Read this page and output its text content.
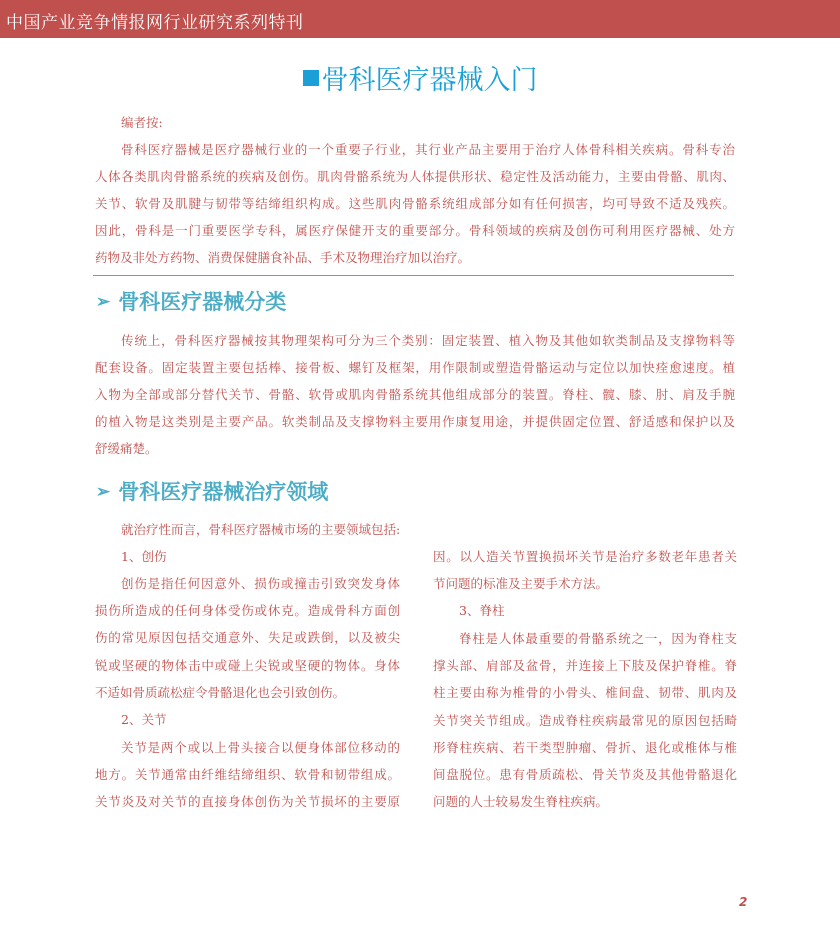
中国产业竞争情报网行业研究系列特刊
骨科医疗器械入门
编者按:
骨科医疗器械是医疗器械行业的一个重要子行业，其行业产品主要用于治疗人体骨科相关疾病。骨科专治
人体各类肌肉骨骼系统的疾病及创伤。肌肉骨骼系统为人体提供形状、稳定性及活动能力，主要由骨骼、肌肉、
关节、软骨及肌腱与韧带等结缔组织构成。这些肌肉骨骼系统组成部分如有任何损害，均可导致不适及残疾。
因此，骨科是一门重要医学专科，属医疗保健开支的重要部分。骨科领域的疾病及创伤可利用医疗器械、处方
药物及非处方药物、消费保健膳食补品、手术及物理治疗加以治疗。
传统上，骨科医疗器械按其物理架构可分为三个类别：固定装置、植入物及其他如软类制品及支撑物料等
配套设备。固定装置主要包括棒、接骨板、螺钉及框架，用作限制或塑造骨骼运动与定位以加快痊愈速度。植
入物为全部或部分替代关节、骨骼、软骨或肌肉骨骼系统其他组成部分的装置。脊柱、髋、膝、肘、肩及手腕
的植入物是这类别是主要产品。软类制品及支撑物料主要用作康复用途，并提供固定位置、舒适感和保护以及
舒缓痛楚。
就治疗性而言，骨科医疗器械市场的主要领域包括:
1、创伤
创伤是指任何因意外、损伤或撞击引致突发身体
损伤所造成的任何身体受伤或休克。造成骨科方面创
伤的常见原因包括交通意外、失足或跌倒，以及被尖
锐或坚硬的物体击中或碰上尖锐或坚硬的物体。身体
不适如骨质疏松症令骨骼退化也会引致创伤。
2、关节
关节是两个或以上骨头接合以便身体部位移动的
地方。关节通常由纤维结缔组织、软骨和韧带组成。
关节炎及对关节的直接身体创伤为关节损坏的主要原
因。以人造关节置换损坏关节是治疗多数老年患者关
节问题的标准及主要手术方法。
3、脊柱
脊柱是人体最重要的骨骼系统之一，因为脊柱支
撑头部、肩部及盆骨，并连接上下肢及保护脊椎。脊
柱主要由称为椎骨的小骨头、椎间盘、韧带、肌肉及
关节突关节组成。造成脊柱疾病最常见的原因包括畸
形脊柱疾病、若干类型肿瘤、骨折、退化或椎体与椎
间盘脱位。患有骨质疏松、骨关节炎及其他骨骼退化
问题的人士较易发生脊柱疾病。
➢ 骨科医疗器械分类
➢ 骨科医疗器械治疗领域
2
